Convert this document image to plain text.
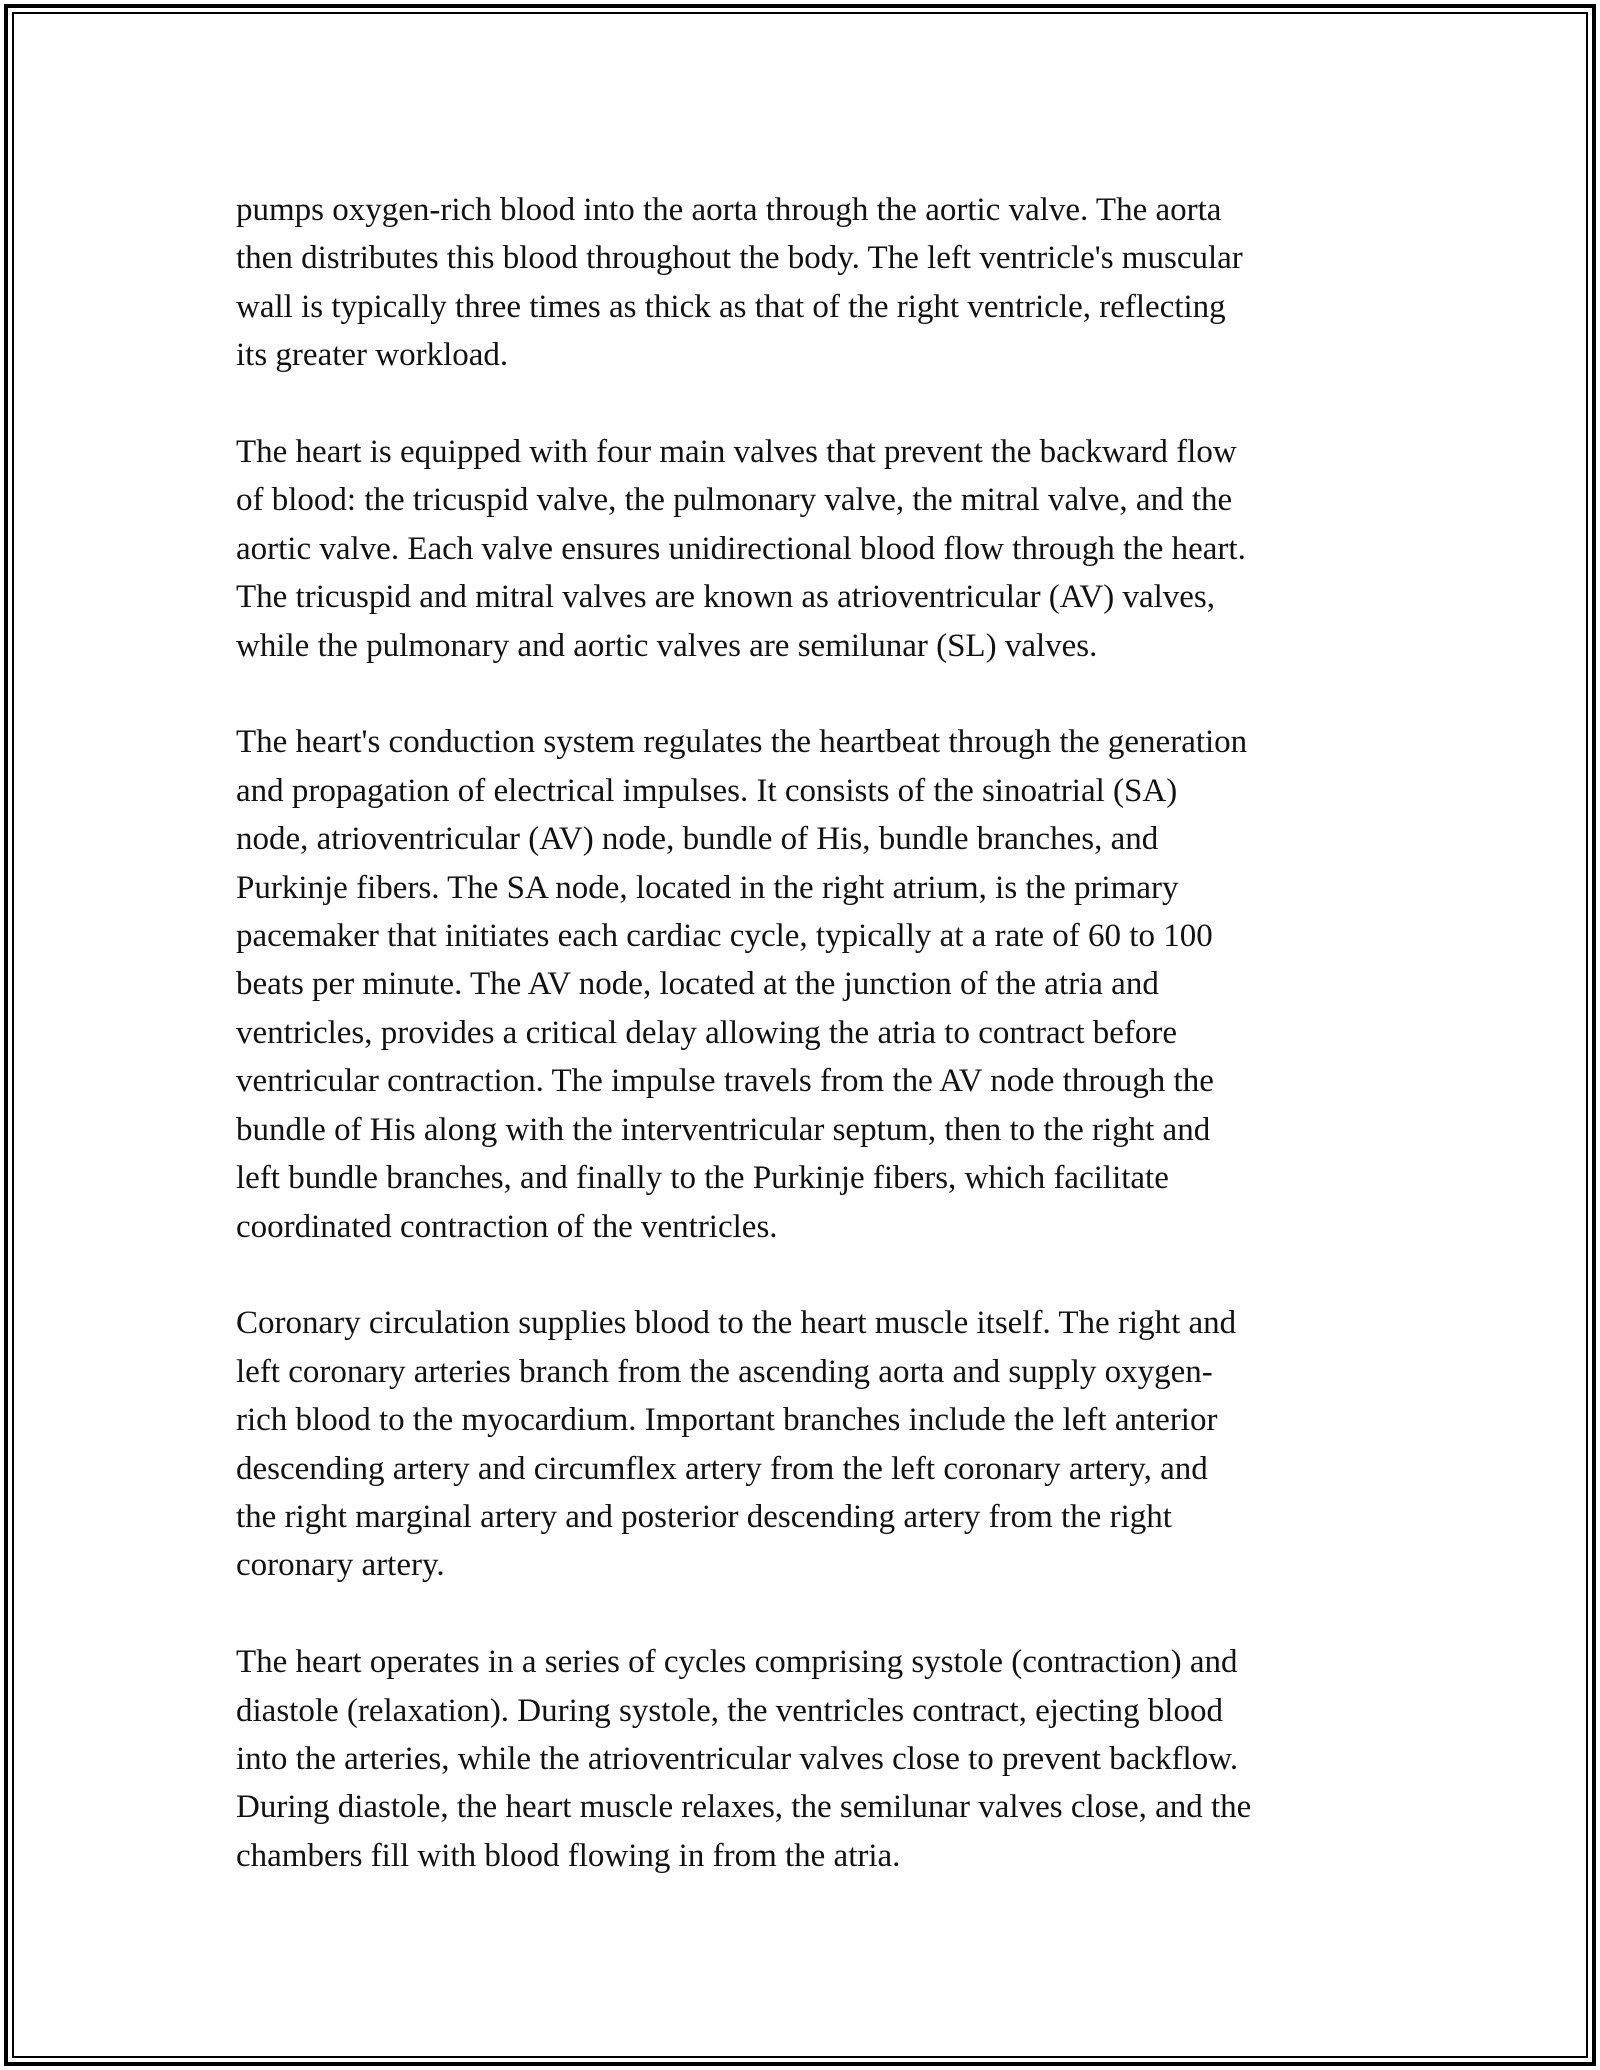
pumps oxygen-rich blood into the aorta through the aortic valve. The aorta
then distributes this blood throughout the body. The left ventricle's muscular
wall is typically three times as thick as that of the right ventricle, reflecting
its greater workload.

The heart is equipped with four main valves that prevent the backward flow
of blood: the tricuspid valve, the pulmonary valve, the mitral valve, and the
aortic valve. Each valve ensures unidirectional blood flow through the heart.
The tricuspid and mitral valves are known as atrioventricular (AV) valves,
while the pulmonary and aortic valves are semilunar (SL) valves.

The heart's conduction system regulates the heartbeat through the generation
and propagation of electrical impulses. It consists of the sinoatrial (SA)
node, atrioventricular (AV) node, bundle of His, bundle branches, and
Purkinje fibers. The SA node, located in the right atrium, is the primary
pacemaker that initiates each cardiac cycle, typically at a rate of 60 to 100
beats per minute. The AV node, located at the junction of the atria and
ventricles, provides a critical delay allowing the atria to contract before
ventricular contraction. The impulse travels from the AV node through the
bundle of His along with the interventricular septum, then to the right and
left bundle branches, and finally to the Purkinje fibers, which facilitate
coordinated contraction of the ventricles.

Coronary circulation supplies blood to the heart muscle itself. The right and
left coronary arteries branch from the ascending aorta and supply oxygen-
rich blood to the myocardium. Important branches include the left anterior
descending artery and circumflex artery from the left coronary artery, and
the right marginal artery and posterior descending artery from the right
coronary artery.

The heart operates in a series of cycles comprising systole (contraction) and
diastole (relaxation). During systole, the ventricles contract, ejecting blood
into the arteries, while the atrioventricular valves close to prevent backflow.
During diastole, the heart muscle relaxes, the semilunar valves close, and the
chambers fill with blood flowing in from the atria.
